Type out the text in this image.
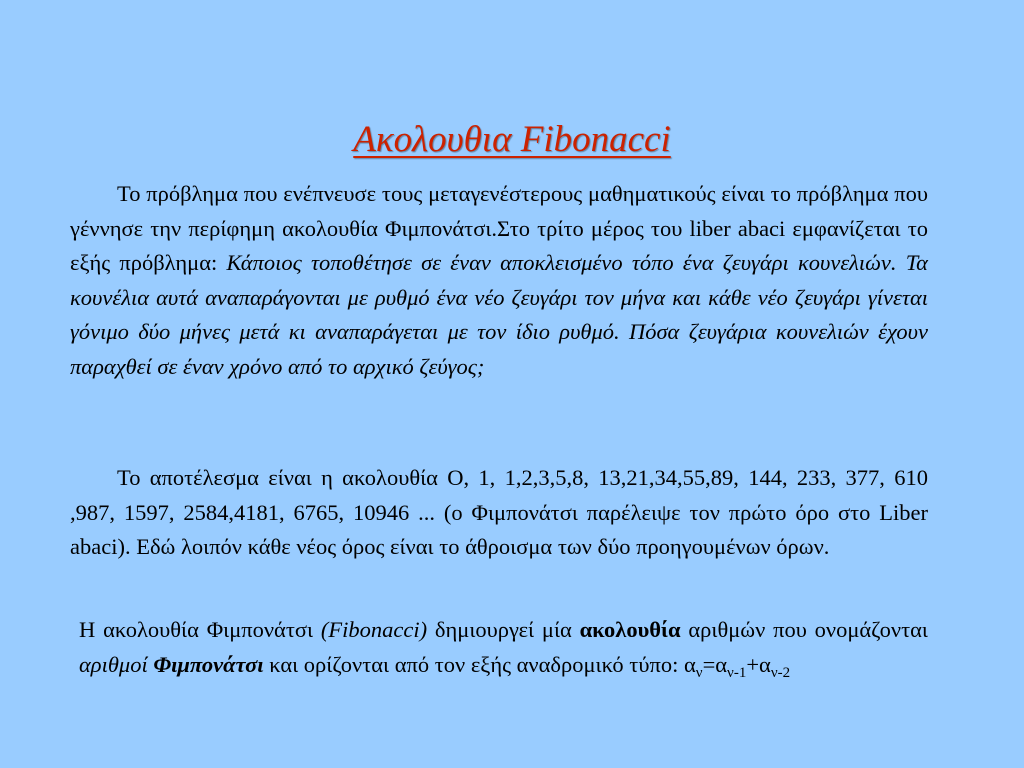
Ακολουθια Fibonacci

Το πρόβλημα που ενέπνευσε τους μεταγενέστερους μαθηματικούς είναι το πρόβλημα που γέννησε την περίφημη ακολουθία Φιμπονάτσι.Στο τρίτο μέρος του liber abaci εμφανίζεται το εξής πρόβλημα: Κάποιος τοποθέτησε σε έναν αποκλεισμένο τόπο ένα ζευγάρι κουνελιών. Τα κουνέλια αυτά αναπαράγονται με ρυθμό ένα νέο ζευγάρι τον μήνα και κάθε νέο ζευγάρι γίνεται γόνιμο δύο μήνες μετά κι αναπαράγεται με τον ίδιο ρυθμό. Πόσα ζευγάρια κουνελιών έχουν παραχθεί σε έναν χρόνο από το αρχικό ζεύγος;

Το αποτέλεσμα είναι η ακολουθία O, 1, 1,2,3,5,8, 13,21,34,55,89, 144, 233, 377, 610 ,987, 1597, 2584,4181, 6765, 10946 ... (ο Φιμπονάτσι παρέλειψε τον πρώτο όρο στο Liber abaci). Εδώ λοιπόν κάθε νέος όρος είναι το άθροισμα των δύο προηγουμένων όρων.

Η ακολουθία Φιμπονάτσι (Fibonacci) δημιουργεί μία ακολουθία αριθμών που ονομάζονται αριθμοί Φιμπονάτσι και ορίζονται από τον εξής αναδρομικό τύπο: $\alpha_\nu=\alpha_{\nu-1}+\alpha_{\nu-2}$
